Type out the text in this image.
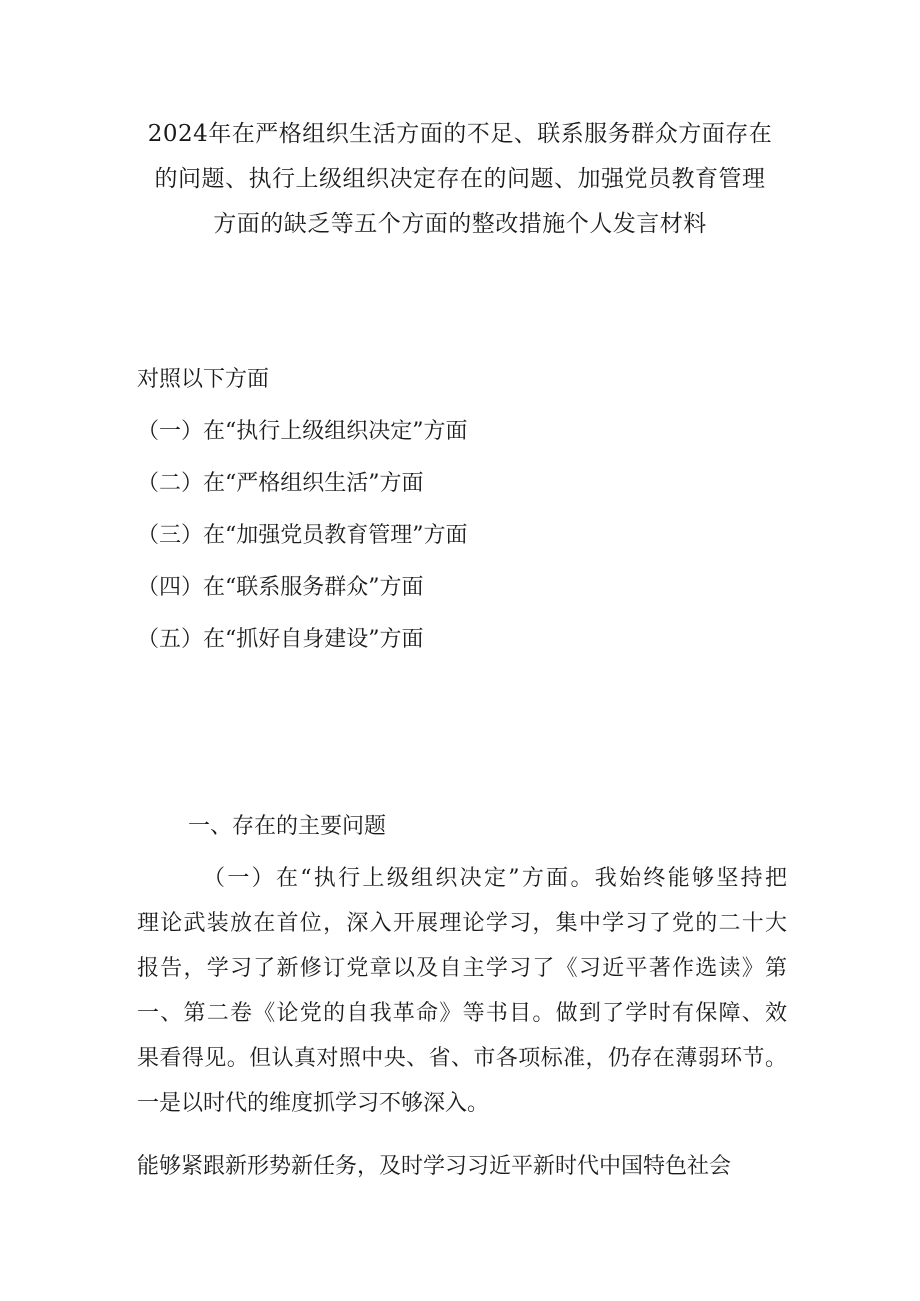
2024年在严格组织生活方面的不足、联系服务群众方面存在
的问题、执行上级组织决定存在的问题、加强党员教育管理
方面的缺乏等五个方面的整改措施个人发言材料
对照以下方面
（一）在“执行上级组织决定”方面
（二）在“严格组织生活”方面
（三）在“加强党员教育管理”方面
（四）在“联系服务群众”方面
（五）在“抓好自身建设”方面
一、存在的主要问题
（一）在“执行上级组织决定”方面。我始终能够坚持把
理论武装放在首位，深入开展理论学习，集中学习了党的二十大
报告，学习了新修订党章以及自主学习了《习近平著作选读》第
一、第二卷《论党的自我革命》等书目。做到了学时有保障、效
果看得见。但认真对照中央、省、市各项标准，仍存在薄弱环节。
一是以时代的维度抓学习不够深入。
能够紧跟新形势新任务，及时学习习近平新时代中国特色社会
